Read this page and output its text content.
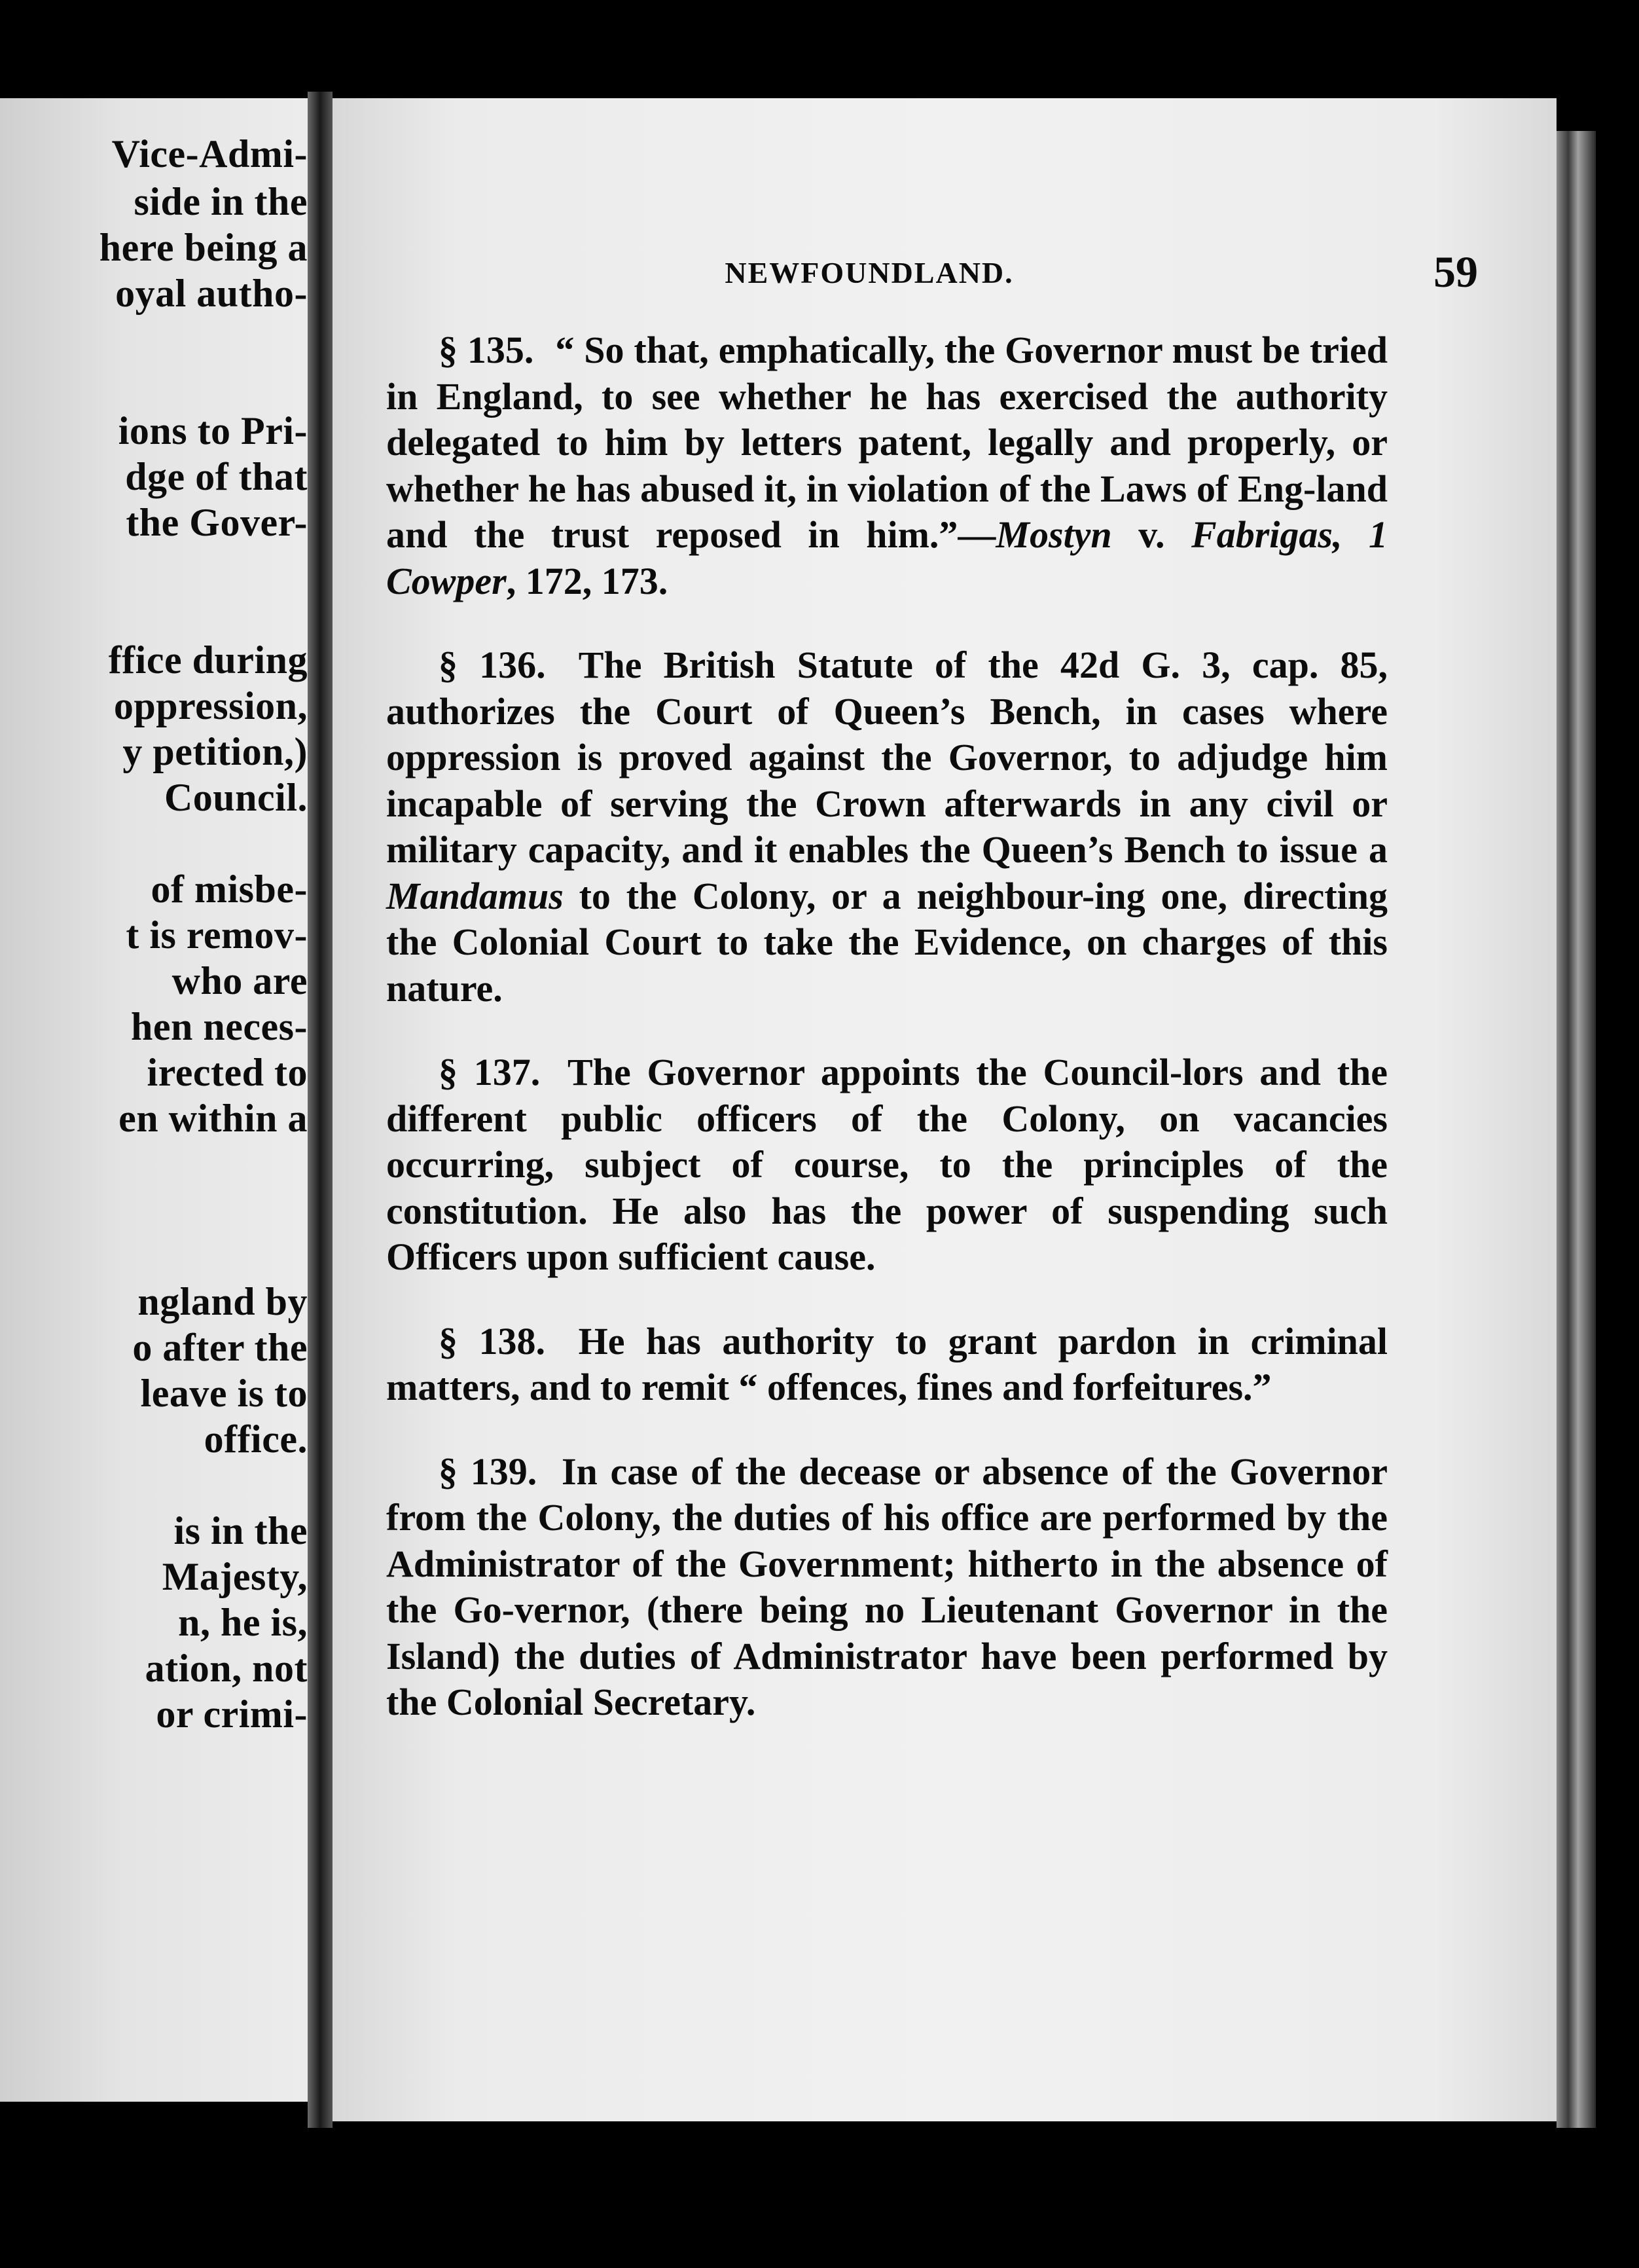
Vice-Admi-
side in the
here being a
oyal autho-
ions to Pri-
dge of that
the Gover-
ffice during
oppression,
y petition,)
Council.
of misbe-
t is remov-
who are
hen neces-
irected to
en within a
ngland by
o after the
leave is to
office.
is in the
Majesty,
n, he is,
ation, not
or crimi-
NEWFOUNDLAND.	59

§ 135. “ So that, emphatically, the Governor must be tried in England, to see whether he has exercised the authority delegated to him by letters patent, legally and properly, or whether he has abused it, in violation of the Laws of Eng-land and the trust reposed in him.”—Mostyn v. Fabrigas, 1 Cowper, 172, 173.

§ 136. The British Statute of the 42d G. 3, cap. 85, authorizes the Court of Queen’s Bench, in cases where oppression is proved against the Governor, to adjudge him incapable of serving the Crown afterwards in any civil or military capacity, and it enables the Queen’s Bench to issue a Mandamus to the Colony, or a neighbour-ing one, directing the Colonial Court to take the Evidence, on charges of this nature.

§ 137. The Governor appoints the Council-lors and the different public officers of the Colony, on vacancies occurring, subject of course, to the principles of the constitution. He also has the power of suspending such Officers upon sufficient cause.

§ 138. He has authority to grant pardon in criminal matters, and to remit “ offences, fines and forfeitures.”

§ 139. In case of the decease or absence of the Governor from the Colony, the duties of his office are performed by the Administrator of the Government; hitherto in the absence of the Go-vernor, (there being no Lieutenant Governor in the Island) the duties of Administrator have been performed by the Colonial Secretary.
